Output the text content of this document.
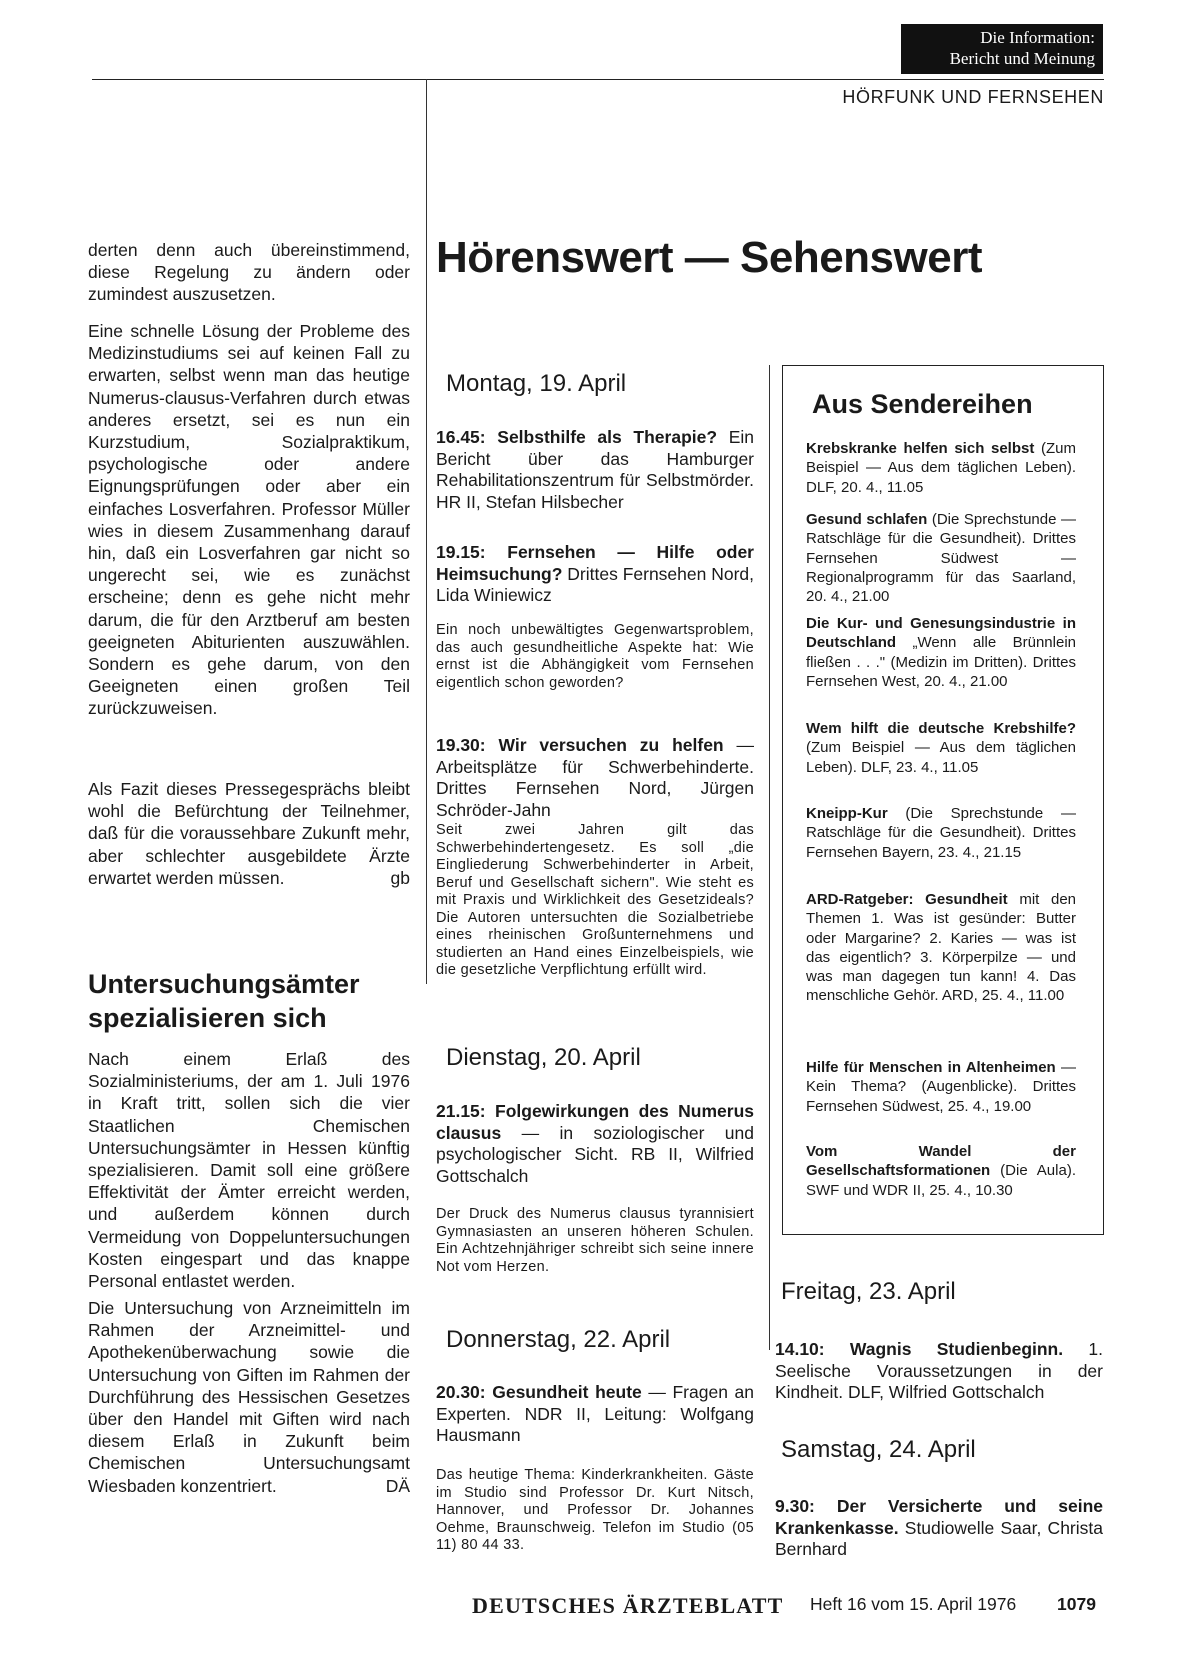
Die Information:
Bericht und Meinung
HÖRFUNK UND FERNSEHEN

derten denn auch übereinstimmend, diese Regelung zu ändern oder zumindest auszusetzen.

Eine schnelle Lösung der Probleme des Medizinstudiums sei auf keinen Fall zu erwarten, selbst wenn man das heutige Numerus-clausus-Verfahren durch etwas anderes ersetzt, sei es nun ein Kurzstudium, Sozialpraktikum, psychologische oder andere Eignungsprüfungen oder aber ein einfaches Losverfahren. Professor Müller wies in diesem Zusammenhang darauf hin, daß ein Losverfahren gar nicht so ungerecht sei, wie es zunächst erscheine; denn es gehe nicht mehr darum, die für den Arztberuf am besten geeigneten Abiturienten auszuwählen. Sondern es gehe darum, von den Geeigneten einen großen Teil zurückzuweisen.

Als Fazit dieses Pressegesprächs bleibt wohl die Befürchtung der Teilnehmer, daß für die voraussehbare Zukunft mehr, aber schlechter ausgebildete Ärzte erwartet werden müssen.	gb

Untersuchungsämter spezialisieren sich

Nach einem Erlaß des Sozialministeriums, der am 1. Juli 1976 in Kraft tritt, sollen sich die vier Staatlichen Chemischen Untersuchungsämter in Hessen künftig spezialisieren. Damit soll eine größere Effektivität der Ämter erreicht werden, und außerdem können durch Vermeidung von Doppeluntersuchungen Kosten eingespart und das knappe Personal entlastet werden.

Die Untersuchung von Arzneimitteln im Rahmen der Arzneimittel- und Apothekenüberwachung sowie die Untersuchung von Giften im Rahmen der Durchführung des Hessischen Gesetzes über den Handel mit Giften wird nach diesem Erlaß in Zukunft beim Chemischen Untersuchungsamt Wiesbaden konzentriert.	DÄ

Hörenswert — Sehenswert
Montag, 19. April

16.45: Selbsthilfe als Therapie? Ein Bericht über das Hamburger Rehabilitationszentrum für Selbstmörder. HR II, Stefan Hilsbecher

19.15: Fernsehen — Hilfe oder Heimsuchung? Drittes Fernsehen Nord, Lida Winiewicz

Ein noch unbewältigtes Gegenwartsproblem, das auch gesundheitliche Aspekte hat: Wie ernst ist die Abhängigkeit vom Fernsehen eigentlich schon geworden?

19.30: Wir versuchen zu helfen — Arbeitsplätze für Schwerbehinderte. Drittes Fernsehen Nord, Jürgen Schröder-Jahn

Seit zwei Jahren gilt das Schwerbehindertengesetz. Es soll „die Eingliederung Schwerbehinderter in Arbeit, Beruf und Gesellschaft sichern". Wie steht es mit Praxis und Wirklichkeit des Gesetzideals? Die Autoren untersuchten die Sozialbetriebe eines rheinischen Großunternehmens und studierten an Hand eines Einzelbeispiels, wie die gesetzliche Verpflichtung erfüllt wird.

Dienstag, 20. April

21.15: Folgewirkungen des Numerus clausus — in soziologischer und psychologischer Sicht. RB II, Wilfried Gottschalch

Der Druck des Numerus clausus tyrannisiert Gymnasiasten an unseren höheren Schulen. Ein Achtzehnjähriger schreibt sich seine innere Not vom Herzen.

Donnerstag, 22. April

20.30: Gesundheit heute — Fragen an Experten. NDR II, Leitung: Wolfgang Hausmann

Das heutige Thema: Kinderkrankheiten. Gäste im Studio sind Professor Dr. Kurt Nitsch, Hannover, und Professor Dr. Johannes Oehme, Braunschweig. Telefon im Studio (05 11) 80 44 33.

Aus Sendereihen

Krebskranke helfen sich selbst (Zum Beispiel — Aus dem täglichen Leben). DLF, 20. 4., 11.05

Gesund schlafen (Die Sprechstunde — Ratschläge für die Gesundheit). Drittes Fernsehen Südwest — Regionalprogramm für das Saarland, 20. 4., 21.00

Die Kur- und Genesungsindustrie in Deutschland „Wenn alle Brünnlein fließen . . ." (Medizin im Dritten). Drittes Fernsehen West, 20. 4., 21.00

Wem hilft die deutsche Krebshilfe? (Zum Beispiel — Aus dem täglichen Leben). DLF, 23. 4., 11.05

Kneipp-Kur (Die Sprechstunde — Ratschläge für die Gesundheit). Drittes Fernsehen Bayern, 23. 4., 21.15

ARD-Ratgeber: Gesundheit mit den Themen 1. Was ist gesünder: Butter oder Margarine? 2. Karies — was ist das eigentlich? 3. Körperpilze — und was man dagegen tun kann! 4. Das menschliche Gehör. ARD, 25. 4., 11.00

Hilfe für Menschen in Altenheimen — Kein Thema? (Augenblicke). Drittes Fernsehen Südwest, 25. 4., 19.00

Vom Wandel der Gesellschaftsformationen (Die Aula). SWF und WDR II, 25. 4., 10.30

Freitag, 23. April

14.10: Wagnis Studienbeginn. 1. Seelische Voraussetzungen in der Kindheit. DLF, Wilfried Gottschalch

Samstag, 24. April

9.30: Der Versicherte und seine Krankenkasse. Studiowelle Saar, Christa Bernhard

DEUTSCHES ÄRZTEBLATT Heft 16 vom 15. April 1976 1079
